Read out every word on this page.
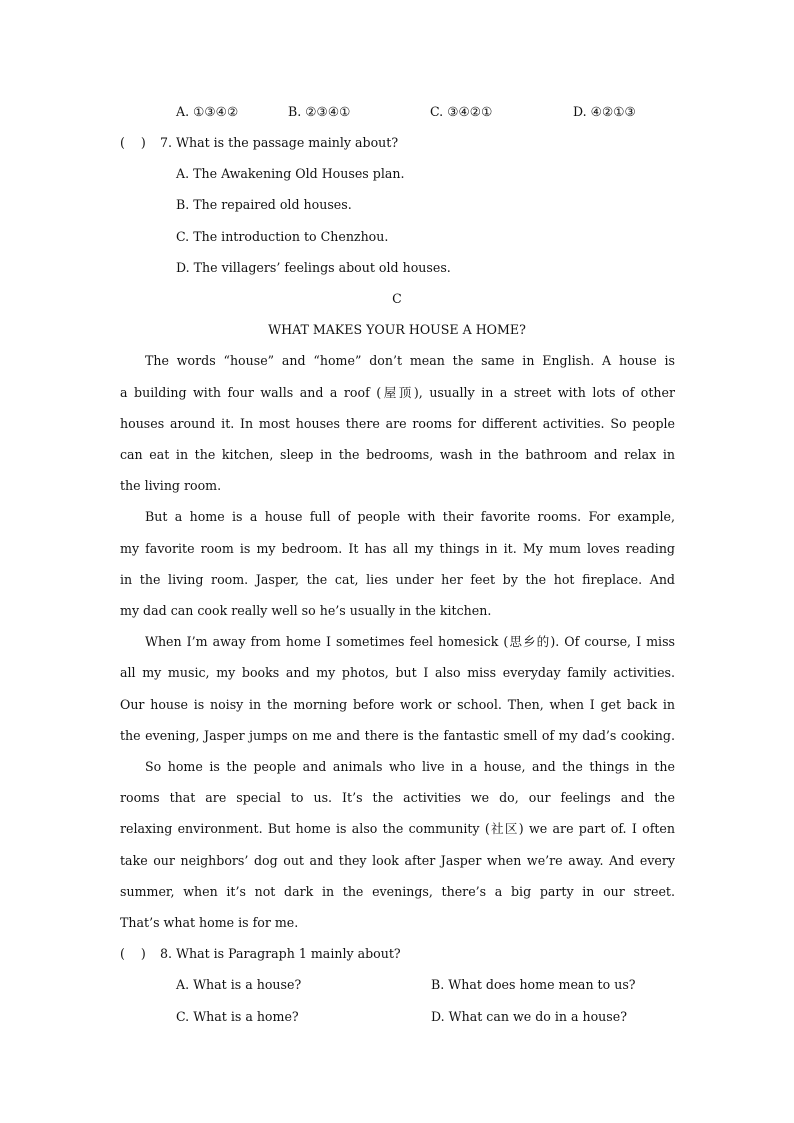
A. ①③④②	B. ②③④①	C. ③④②①	D. ④②①③
(    ) 7. What is the passage mainly about?
A. The Awakening Old Houses plan.
B. The repaired old houses.
C. The introduction to Chenzhou.
D. The villagers’ feelings about old houses.
C
WHAT MAKES YOUR HOUSE A HOME?
The words “house” and “home” don’t mean the same in English. A house is
a building with four walls and a roof (屋顶), usually in a street with lots of other
houses around it. In most houses there are rooms for different activities. So people
can eat in the kitchen, sleep in the bedrooms, wash in the bathroom and relax in
the living room.
But a home is a house full of people with their favorite rooms. For example,
my favorite room is my bedroom. It has all my things in it. My mum loves reading
in the living room. Jasper, the cat, lies under her feet by the hot fireplace. And
my dad can cook really well so he’s usually in the kitchen.
When I’m away from home I sometimes feel homesick (思乡的). Of course, I miss
all my music, my books and my photos, but I also miss everyday family activities.
Our house is noisy in the morning before work or school. Then, when I get back in
the evening, Jasper jumps on me and there is the fantastic smell of my dad’s cooking.
So home is the people and animals who live in a house, and the things in the
rooms that are special to us. It’s the activities we do, our feelings and the
relaxing environment. But home is also the community (社区) we are part of. I often
take our neighbors’ dog out and they look after Jasper when we’re away. And every
summer, when it’s not dark in the evenings, there’s a big party in our street.
That’s what home is for me.
(    ) 8. What is Paragraph 1 mainly about?
A. What is a house?	B. What does home mean to us?
C. What is a home?	D. What can we do in a house?
